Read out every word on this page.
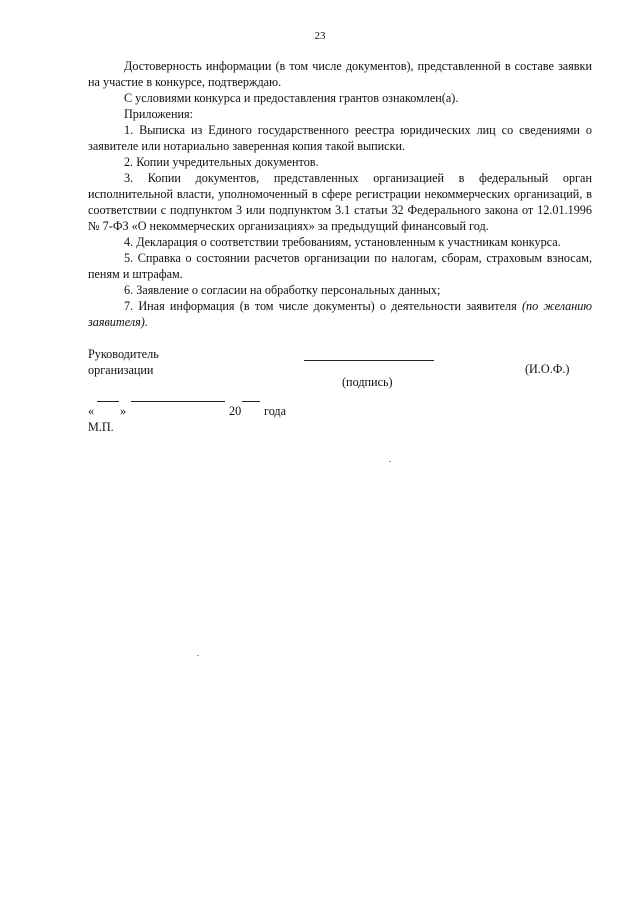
23

Достоверность информации (в том числе документов), представленной в составе заявки на участие в конкурсе, подтверждаю.

С условиями конкурса и предоставления грантов ознакомлен(а).

Приложения:

1. Выписка из Единого государственного реестра юридических лиц со сведениями о заявителе или нотариально заверенная копия такой выписки.

2. Копии учредительных документов.

3. Копии документов, представленных организацией в федеральный орган исполнительной власти, уполномоченный в сфере регистрации некоммерческих организаций, в соответствии с подпунктом 3 или подпунктом 3.1 статьи 32 Федерального закона от 12.01.1996 № 7-ФЗ «О некоммерческих организациях» за предыдущий финансовый год.

4. Декларация о соответствии требованиям, установленным к участникам конкурса.

5. Справка о состоянии расчетов организации по налогам, сборам, страховым взносам, пеням и штрафам.

6. Заявление о согласии на обработку персональных данных;

7. Иная информация (в том числе документы) о деятельности заявителя (по желанию заявителя).

Руководитель
организации
(подпись)
(И.О.Ф.)
« »	20 года
М.П.
